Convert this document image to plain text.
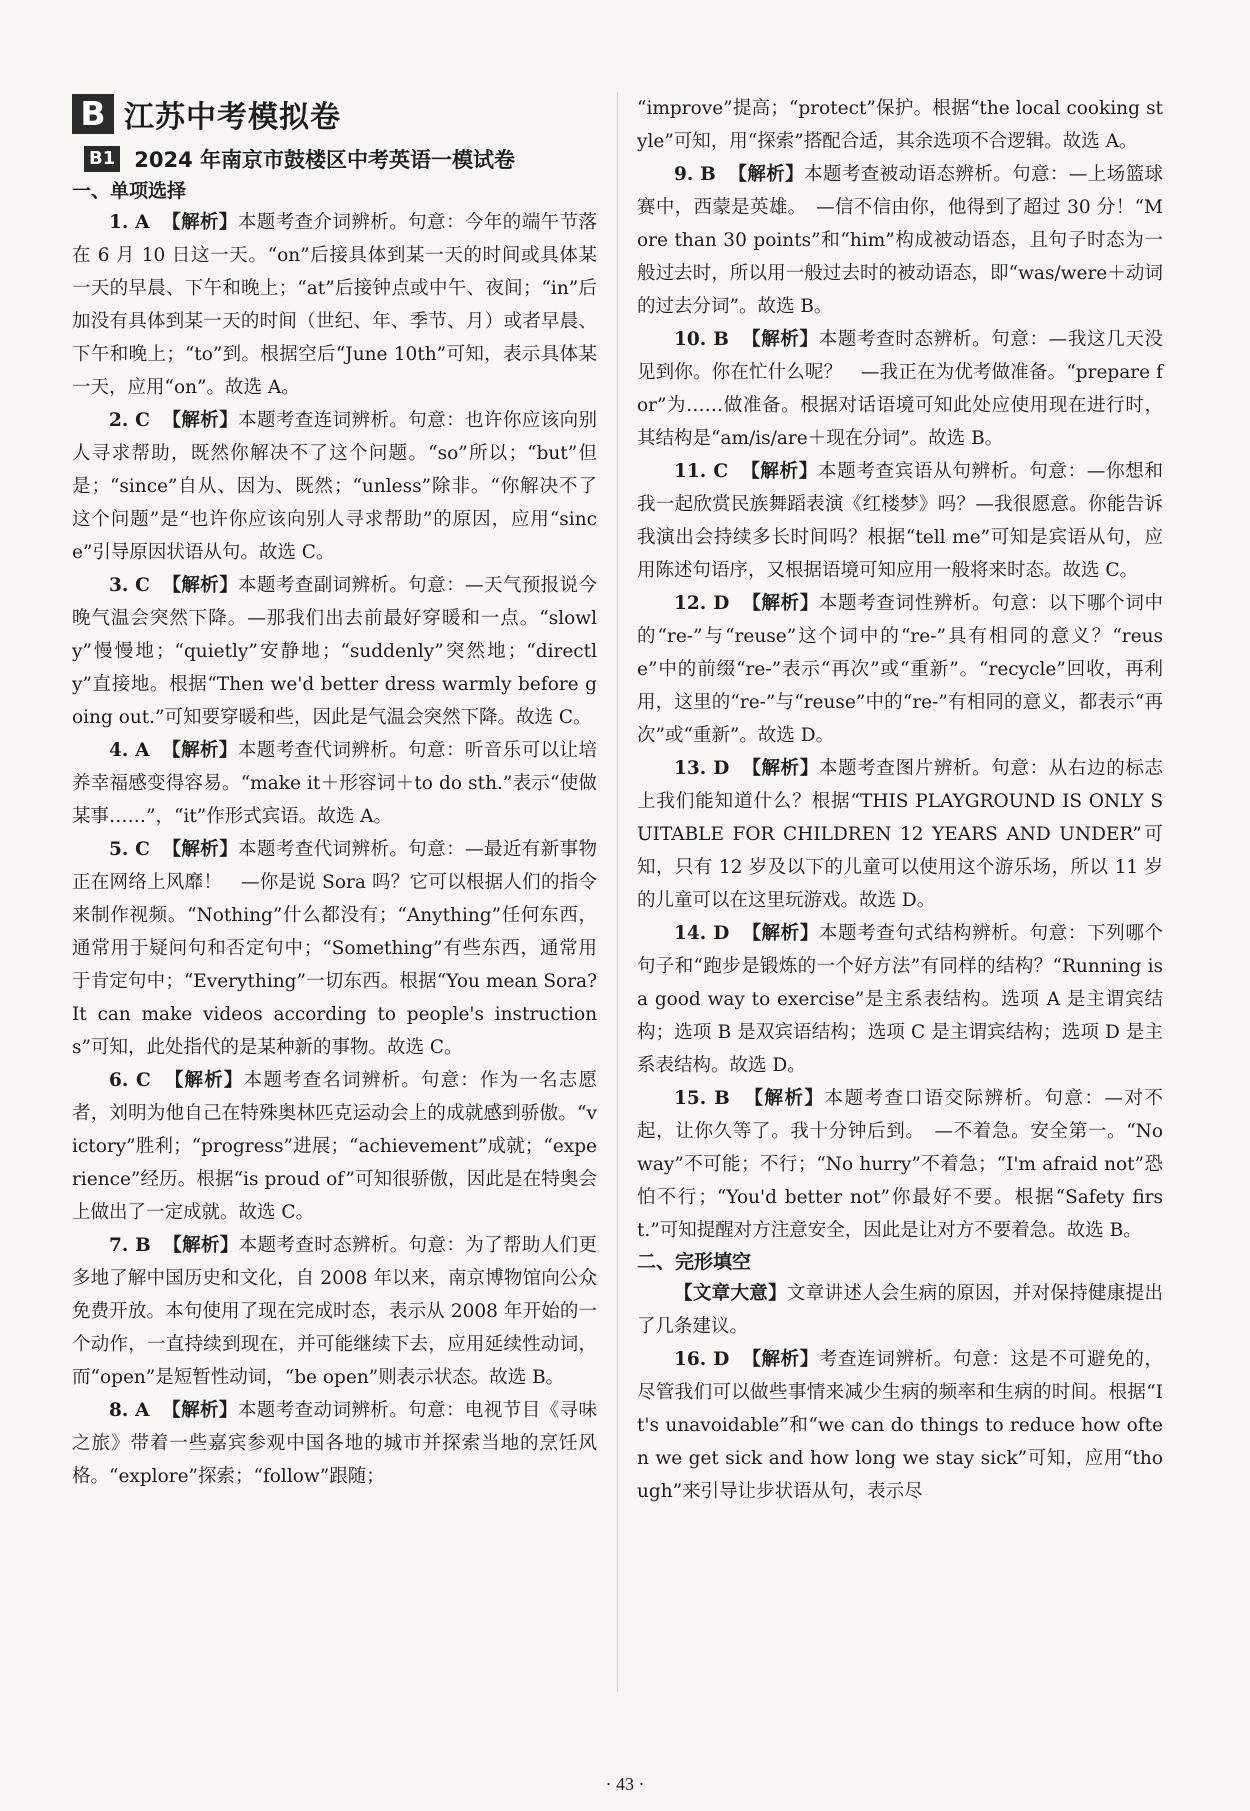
B 江苏中考模拟卷
B1 2024 年南京市鼓楼区中考英语一模试卷
一、单项选择

1. A 【解析】本题考查介词辨析。句意：今年的端午节落在 6 月 10 日这一天。“on”后接具体到某一天的时间或具体某一天的早晨、下午和晚上；“at”后接钟点或中午、夜间；“in”后加没有具体到某一天的时间（世纪、年、季节、月）或者早晨、下午和晚上；“to”到。根据空后“June 10th”可知，表示具体某一天，应用“on”。故选 A。

2. C 【解析】本题考查连词辨析。句意：也许你应该向别人寻求帮助，既然你解决不了这个问题。“so”所以；“but”但是；“since”自从、因为、既然；“unless”除非。“你解决不了这个问题”是“也许你应该向别人寻求帮助”的原因，应用“since”引导原因状语从句。故选 C。

3. C 【解析】本题考查副词辨析。句意：—天气预报说今晚气温会突然下降。—那我们出去前最好穿暖和一点。“slowly”慢慢地；“quietly”安静地；“suddenly”突然地；“directly”直接地。根据“Then we'd better dress warmly before going out.”可知要穿暖和些，因此是气温会突然下降。故选 C。

4. A 【解析】本题考查代词辨析。句意：听音乐可以让培养幸福感变得容易。“make it＋形容词＋to do sth.”表示“使做某事……”，“it”作形式宾语。故选 A。

5. C 【解析】本题考查代词辨析。句意：—最近有新事物正在网络上风靡！　—你是说 Sora 吗？它可以根据人们的指令来制作视频。“Nothing”什么都没有；“Anything”任何东西，通常用于疑问句和否定句中；“Something”有些东西，通常用于肯定句中；“Everything”一切东西。根据“You mean Sora? It can make videos according to people's instructions”可知，此处指代的是某种新的事物。故选 C。

6. C 【解析】本题考查名词辨析。句意：作为一名志愿者，刘明为他自己在特殊奥林匹克运动会上的成就感到骄傲。“victory”胜利；“progress”进展；“achievement”成就；“experience”经历。根据“is proud of”可知很骄傲，因此是在特奥会上做出了一定成就。故选 C。

7. B 【解析】本题考查时态辨析。句意：为了帮助人们更多地了解中国历史和文化，自 2008 年以来，南京博物馆向公众免费开放。本句使用了现在完成时态，表示从 2008 年开始的一个动作，一直持续到现在，并可能继续下去，应用延续性动词，而“open”是短暂性动词，“be open”则表示状态。故选 B。

8. A 【解析】本题考查动词辨析。句意：电视节目《寻味之旅》带着一些嘉宾参观中国各地的城市并探索当地的烹饪风格。“explore”探索；“follow”跟随；

“improve”提高；“protect”保护。根据“the local cooking style”可知，用“探索”搭配合适，其余选项不合逻辑。故选 A。

9. B 【解析】本题考查被动语态辨析。句意：—上场篮球赛中，西蒙是英雄。　—信不信由你，他得到了超过 30 分！“More than 30 points”和“him”构成被动语态，且句子时态为一般过去时，所以用一般过去时的被动语态，即“was/were＋动词的过去分词”。故选 B。

10. B 【解析】本题考查时态辨析。句意：—我这几天没见到你。你在忙什么呢？　—我正在为优考做准备。“prepare for”为……做准备。根据对话语境可知此处应使用现在进行时，其结构是“am/is/are＋现在分词”。故选 B。

11. C 【解析】本题考查宾语从句辨析。句意：—你想和我一起欣赏民族舞蹈表演《红楼梦》吗？—我很愿意。你能告诉我演出会持续多长时间吗？根据“tell me”可知是宾语从句，应用陈述句语序，又根据语境可知应用一般将来时态。故选 C。

12. D 【解析】本题考查词性辨析。句意：以下哪个词中的“re-”与“reuse”这个词中的“re-”具有相同的意义？“reuse”中的前缀“re-”表示“再次”或“重新”。“recycle”回收，再利用，这里的“re-”与“reuse”中的“re-”有相同的意义，都表示“再次”或“重新”。故选 D。

13. D 【解析】本题考查图片辨析。句意：从右边的标志上我们能知道什么？根据“THIS PLAYGROUND IS ONLY SUITABLE FOR CHILDREN 12 YEARS AND UNDER”可知，只有 12 岁及以下的儿童可以使用这个游乐场，所以 11 岁的儿童可以在这里玩游戏。故选 D。

14. D 【解析】本题考查句式结构辨析。句意：下列哪个句子和“跑步是锻炼的一个好方法”有同样的结构？“Running is a good way to exercise”是主系表结构。选项 A 是主谓宾结构；选项 B 是双宾语结构；选项 C 是主谓宾结构；选项 D 是主系表结构。故选 D。

15. B 【解析】本题考查口语交际辨析。句意：—对不起，让你久等了。我十分钟后到。　—不着急。安全第一。“No way”不可能；不行；“No hurry”不着急；“I'm afraid not”恐怕不行；“You'd better not”你最好不要。根据“Safety first.”可知提醒对方注意安全，因此是让对方不要着急。故选 B。

二、完形填空

【文章大意】文章讲述人会生病的原因，并对保持健康提出了几条建议。

16. D 【解析】考查连词辨析。句意：这是不可避免的，尽管我们可以做些事情来减少生病的频率和生病的时间。根据“It's unavoidable”和“we can do things to reduce how often we get sick and how long we stay sick”可知，应用“though”来引导让步状语从句，表示尽

· 43 ·
